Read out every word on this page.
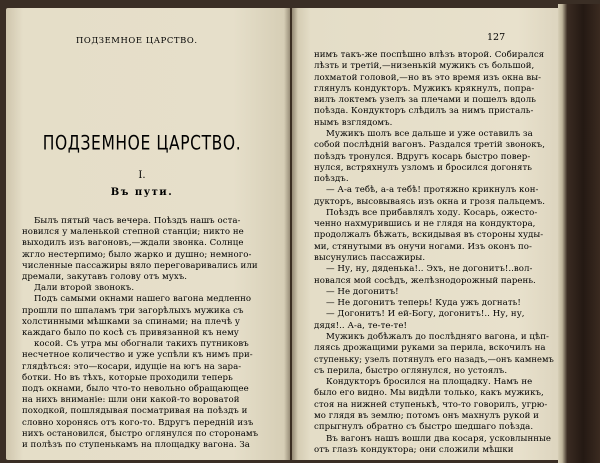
ПОДЗЕМНОЕ ЦАРСТВО.
I.
Въ пути.
ПОДЗЕМНОЕ ЦАРСТВО.	127
Былъ пятый часъ вечера. Поѣздъ нашъ оста-
новился у маленькой степной станціи; никто не
выходилъ изъ вагоновъ,—ждали звонка. Солнце
жгло нестерпимо; было жарко и душно; немного-
численные пассажиры вяло переговаривались или
дремали, закутавъ голову отъ мухъ.
Дали второй звонокъ.
Подъ самыми окнами нашего вагона медленно
прошли по шпаламъ три загорѣлыхъ мужика съ
холстинными мѣшками за спинами; на плечѣ у
каждаго было по косѣ съ привязанной къ нему
косой. Съ утра мы обогнали такихъ путниковъ
несчетное количество и уже успѣли къ нимъ при-
глядѣться: это—косари, идущіе на югъ на зара-
ботки. Но въ тѣхъ, которые проходили теперь
подъ окнами, было что-то невольно обращающее
на нихъ вниманіе: шли они какой-то вороватой
походкой, пошлядывая посматривая на поѣздъ и
словно хоронясь отъ кого-то. Вдругъ передній изъ
нихъ остановился, быстро оглянулся по сторонамъ
и полѣзъ по ступенькамъ на площадку вагона. За
нимъ такъ-же поспѣшно влѣзъ второй. Собирался
лѣзть и третій,—низенькій мужикъ съ большой,
лохматой головой,—но въ это время изъ окна вы-
глянулъ кондукторъ. Мужикъ крякнулъ, попра-
вилъ локтемъ узелъ за плечами и пошелъ вдоль
поѣзда. Кондукторъ слѣдилъ за нимъ присталь-
нымъ взглядомъ.
Мужикъ шолъ все дальше и уже оставилъ за
собой послѣдній вагонъ. Раздался третій звонокъ,
поѣздъ тронулся. Вдругъ косарь быстро повер-
нулся, встряхнулъ узломъ и бросился догонять
поѣздъ.
— А-а тебѣ, а-а тебѣ! протяжно крикнулъ кон-
дукторъ, высовываясь изъ окна и грозя пальцемъ.
Поѣздъ все прибавлялъ ходу. Косарь, ожесто-
ченно нахмурившись и не глядя на кондуктора,
продолжалъ бѣжать, вскидывая въ стороны худы-
ми, стянутыми въ онучи ногами. Изъ оконъ по-
высунулись пассажиры.
— Ну, ну, дяденька!.. Эхъ, не догонитъ!..вол-
новался мой сосѣдъ, желѣзнодорожный парень.
— Не догонитъ!
— Не догонитъ теперь! Куда ужъ догнать!
— Догонитъ! И ей-Богу, догонитъ!.. Ну, ну,
дядя!.. А-а, те-те-те!
Мужикъ добѣжалъ до послѣдняго вагона, и цѣп-
ляясь дрожащими руками за перила, вскочилъ на
ступеньку; узелъ потянулъ его назадъ,—онъ камнемъ
съ перила, быстро оглянулся, но устоялъ.
Кондукторъ бросился на площадку. Намъ не
было его видно. Мы видѣли только, какъ мужикъ,
стоя на нижней ступенькѣ, что-то говорилъ, угрю-
мо глядя въ землю; потомъ онъ махнулъ рукой и
спрыгнулъ обратно съ быстро шедшаго поѣзда.
Въ вагонъ нашъ вошли два косаря, усковлынные
отъ глазъ кондуктора; они сложили мѣшки
